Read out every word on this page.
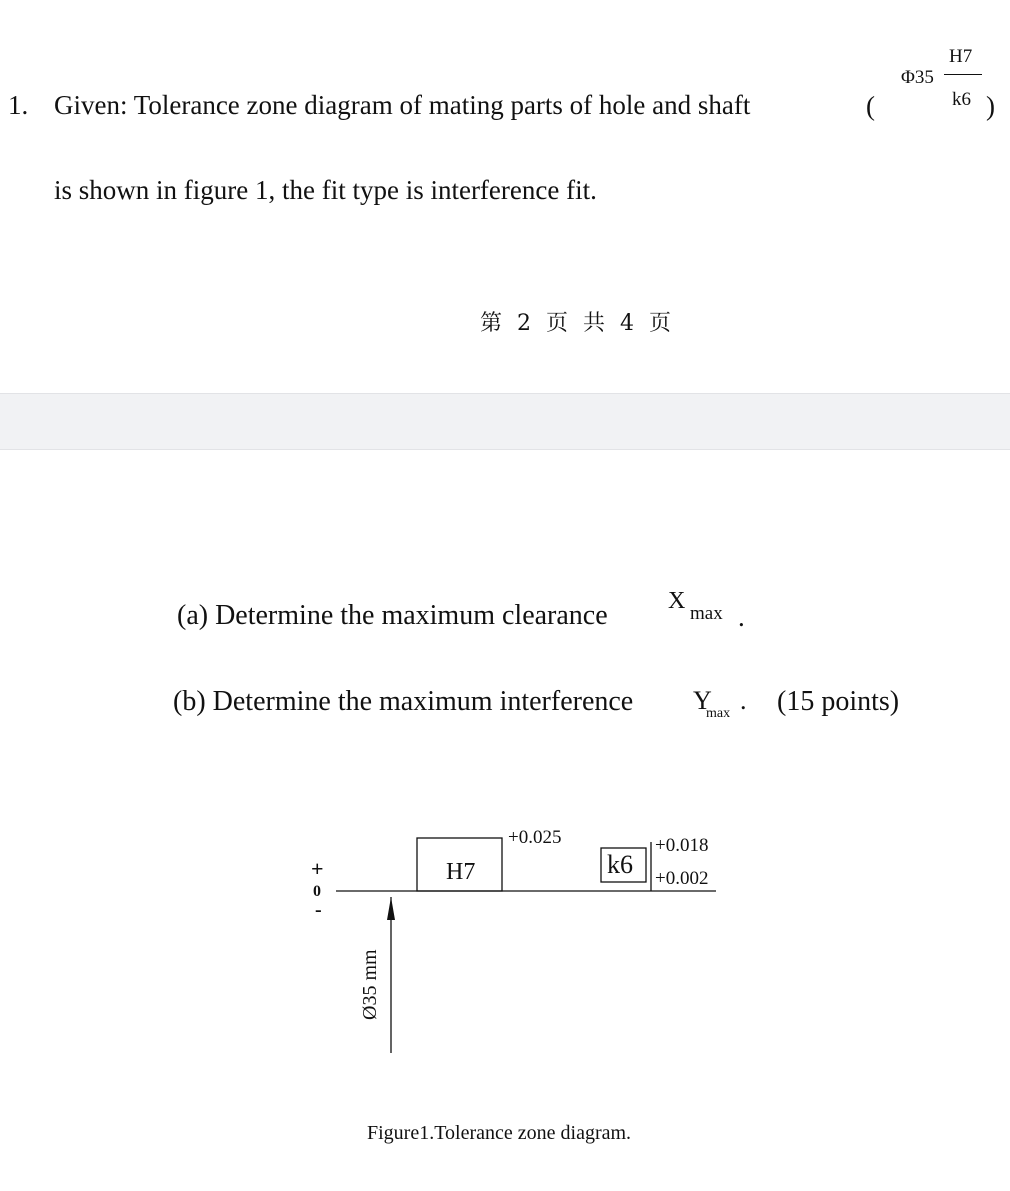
1. Given: Tolerance zone diagram of mating parts of hole and shaft	(
Φ35
H7
k6 )
is shown in figure 1, the fit type is interference fit.
第 2 页 共 4 页
(a) Determine the maximum clearance	X max .
(b) Determine the maximum interference Y
max . (15 points)
+
0
-
Ø35 mm
H7
+0.025
k6
+0.018
+0.002
Figure1.Tolerance zone diagram.
